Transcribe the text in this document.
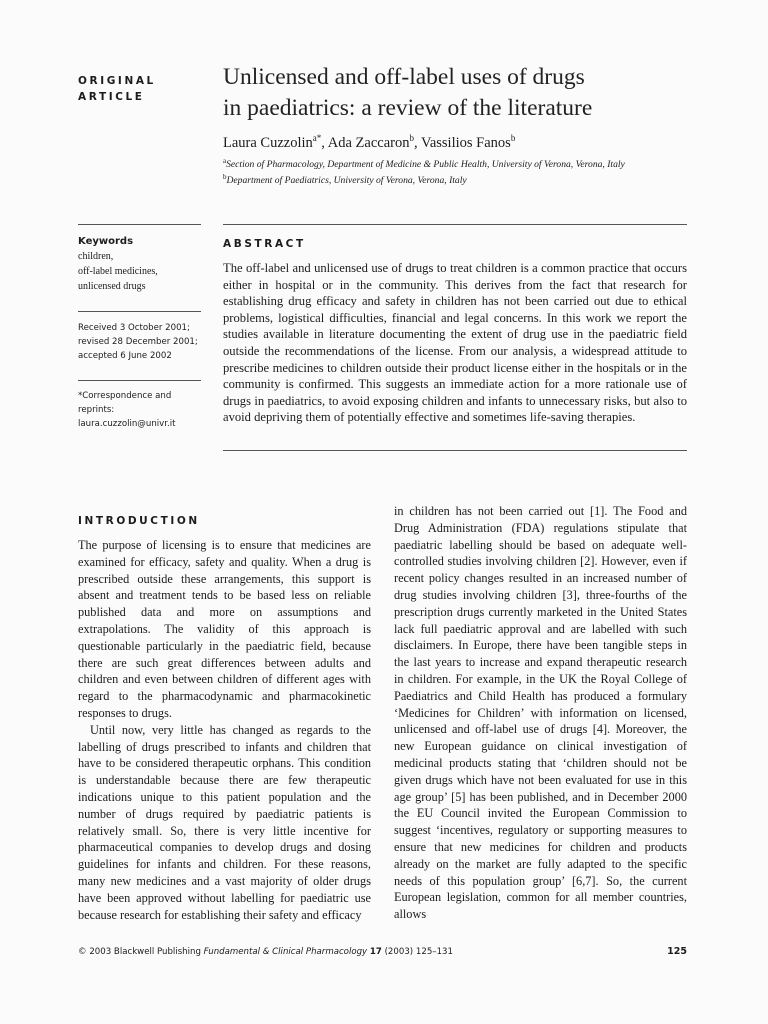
ORIGINAL
ARTICLE
Unlicensed and off-label uses of drugs
in paediatrics: a review of the literature
Laura Cuzzolin$^{a*}$, Ada Zaccaron$^b$, Vassilios Fanos$^b$
$^a$Section of Pharmacology, Department of Medicine & Public Health, University of Verona, Verona, Italy
$^b$Department of Paediatrics, University of Verona, Verona, Italy
Keywords
children,
off-label medicines,
unlicensed drugs
Received 3 October 2001;
revised 28 December 2001;
accepted 6 June 2002
*Correspondence and reprints:
laura.cuzzolin@univr.it
ABSTRACT
The off-label and unlicensed use of drugs to treat children is a common practice that occurs either in hospital or in the community. This derives from the fact that research for establishing drug efficacy and safety in children has not been carried out due to ethical problems, logistical difficulties, financial and legal concerns. In this work we report the studies available in literature documenting the extent of drug use in the paediatric field outside the recommendations of the license. From our analysis, a widespread attitude to prescribe medicines to children outside their product license either in the hospitals or in the community is confirmed. This suggests an immediate action for a more rationale use of drugs in paediatrics, to avoid exposing children and infants to unnecessary risks, but also to avoid depriving them of potentially effective and sometimes life-saving therapies.
INTRODUCTION
The purpose of licensing is to ensure that medicines are examined for efficacy, safety and quality. When a drug is prescribed outside these arrangements, this support is absent and treatment tends to be based less on reliable published data and more on assumptions and extrapolations. The validity of this approach is questionable particularly in the paediatric field, because there are such great differences between adults and children and even between children of different ages with regard to the pharmacodynamic and pharmacokinetic responses to drugs.
Until now, very little has changed as regards to the labelling of drugs prescribed to infants and children that have to be considered therapeutic orphans. This condition is understandable because there are few therapeutic indications unique to this patient population and the number of drugs required by paediatric patients is relatively small. So, there is very little incentive for pharmaceutical companies to develop drugs and dosing guidelines for infants and children. For these reasons, many new medicines and a vast majority of older drugs have been approved without labelling for paediatric use because research for establishing their safety and efficacy
in children has not been carried out [1]. The Food and Drug Administration (FDA) regulations stipulate that paediatric labelling should be based on adequate well-controlled studies involving children [2]. However, even if recent policy changes resulted in an increased number of drug studies involving children [3], three-fourths of the prescription drugs currently marketed in the United States lack full paediatric approval and are labelled with such disclaimers. In Europe, there have been tangible steps in the last years to increase and expand therapeutic research in children. For example, in the UK the Royal College of Paediatrics and Child Health has produced a formulary ‘Medicines for Children’ with information on licensed, unlicensed and off-label use of drugs [4]. Moreover, the new European guidance on clinical investigation of medicinal products stating that ‘children should not be given drugs which have not been evaluated for use in this age group’ [5] has been published, and in December 2000 the EU Council invited the European Commission to suggest ‘incentives, regulatory or supporting measures to ensure that new medicines for children and products already on the market are fully adapted to the specific needs of this population group’ [6,7]. So, the current European legislation, common for all member countries, allows
© 2003 Blackwell Publishing Fundamental & Clinical Pharmacology 17 (2003) 125–131	125
